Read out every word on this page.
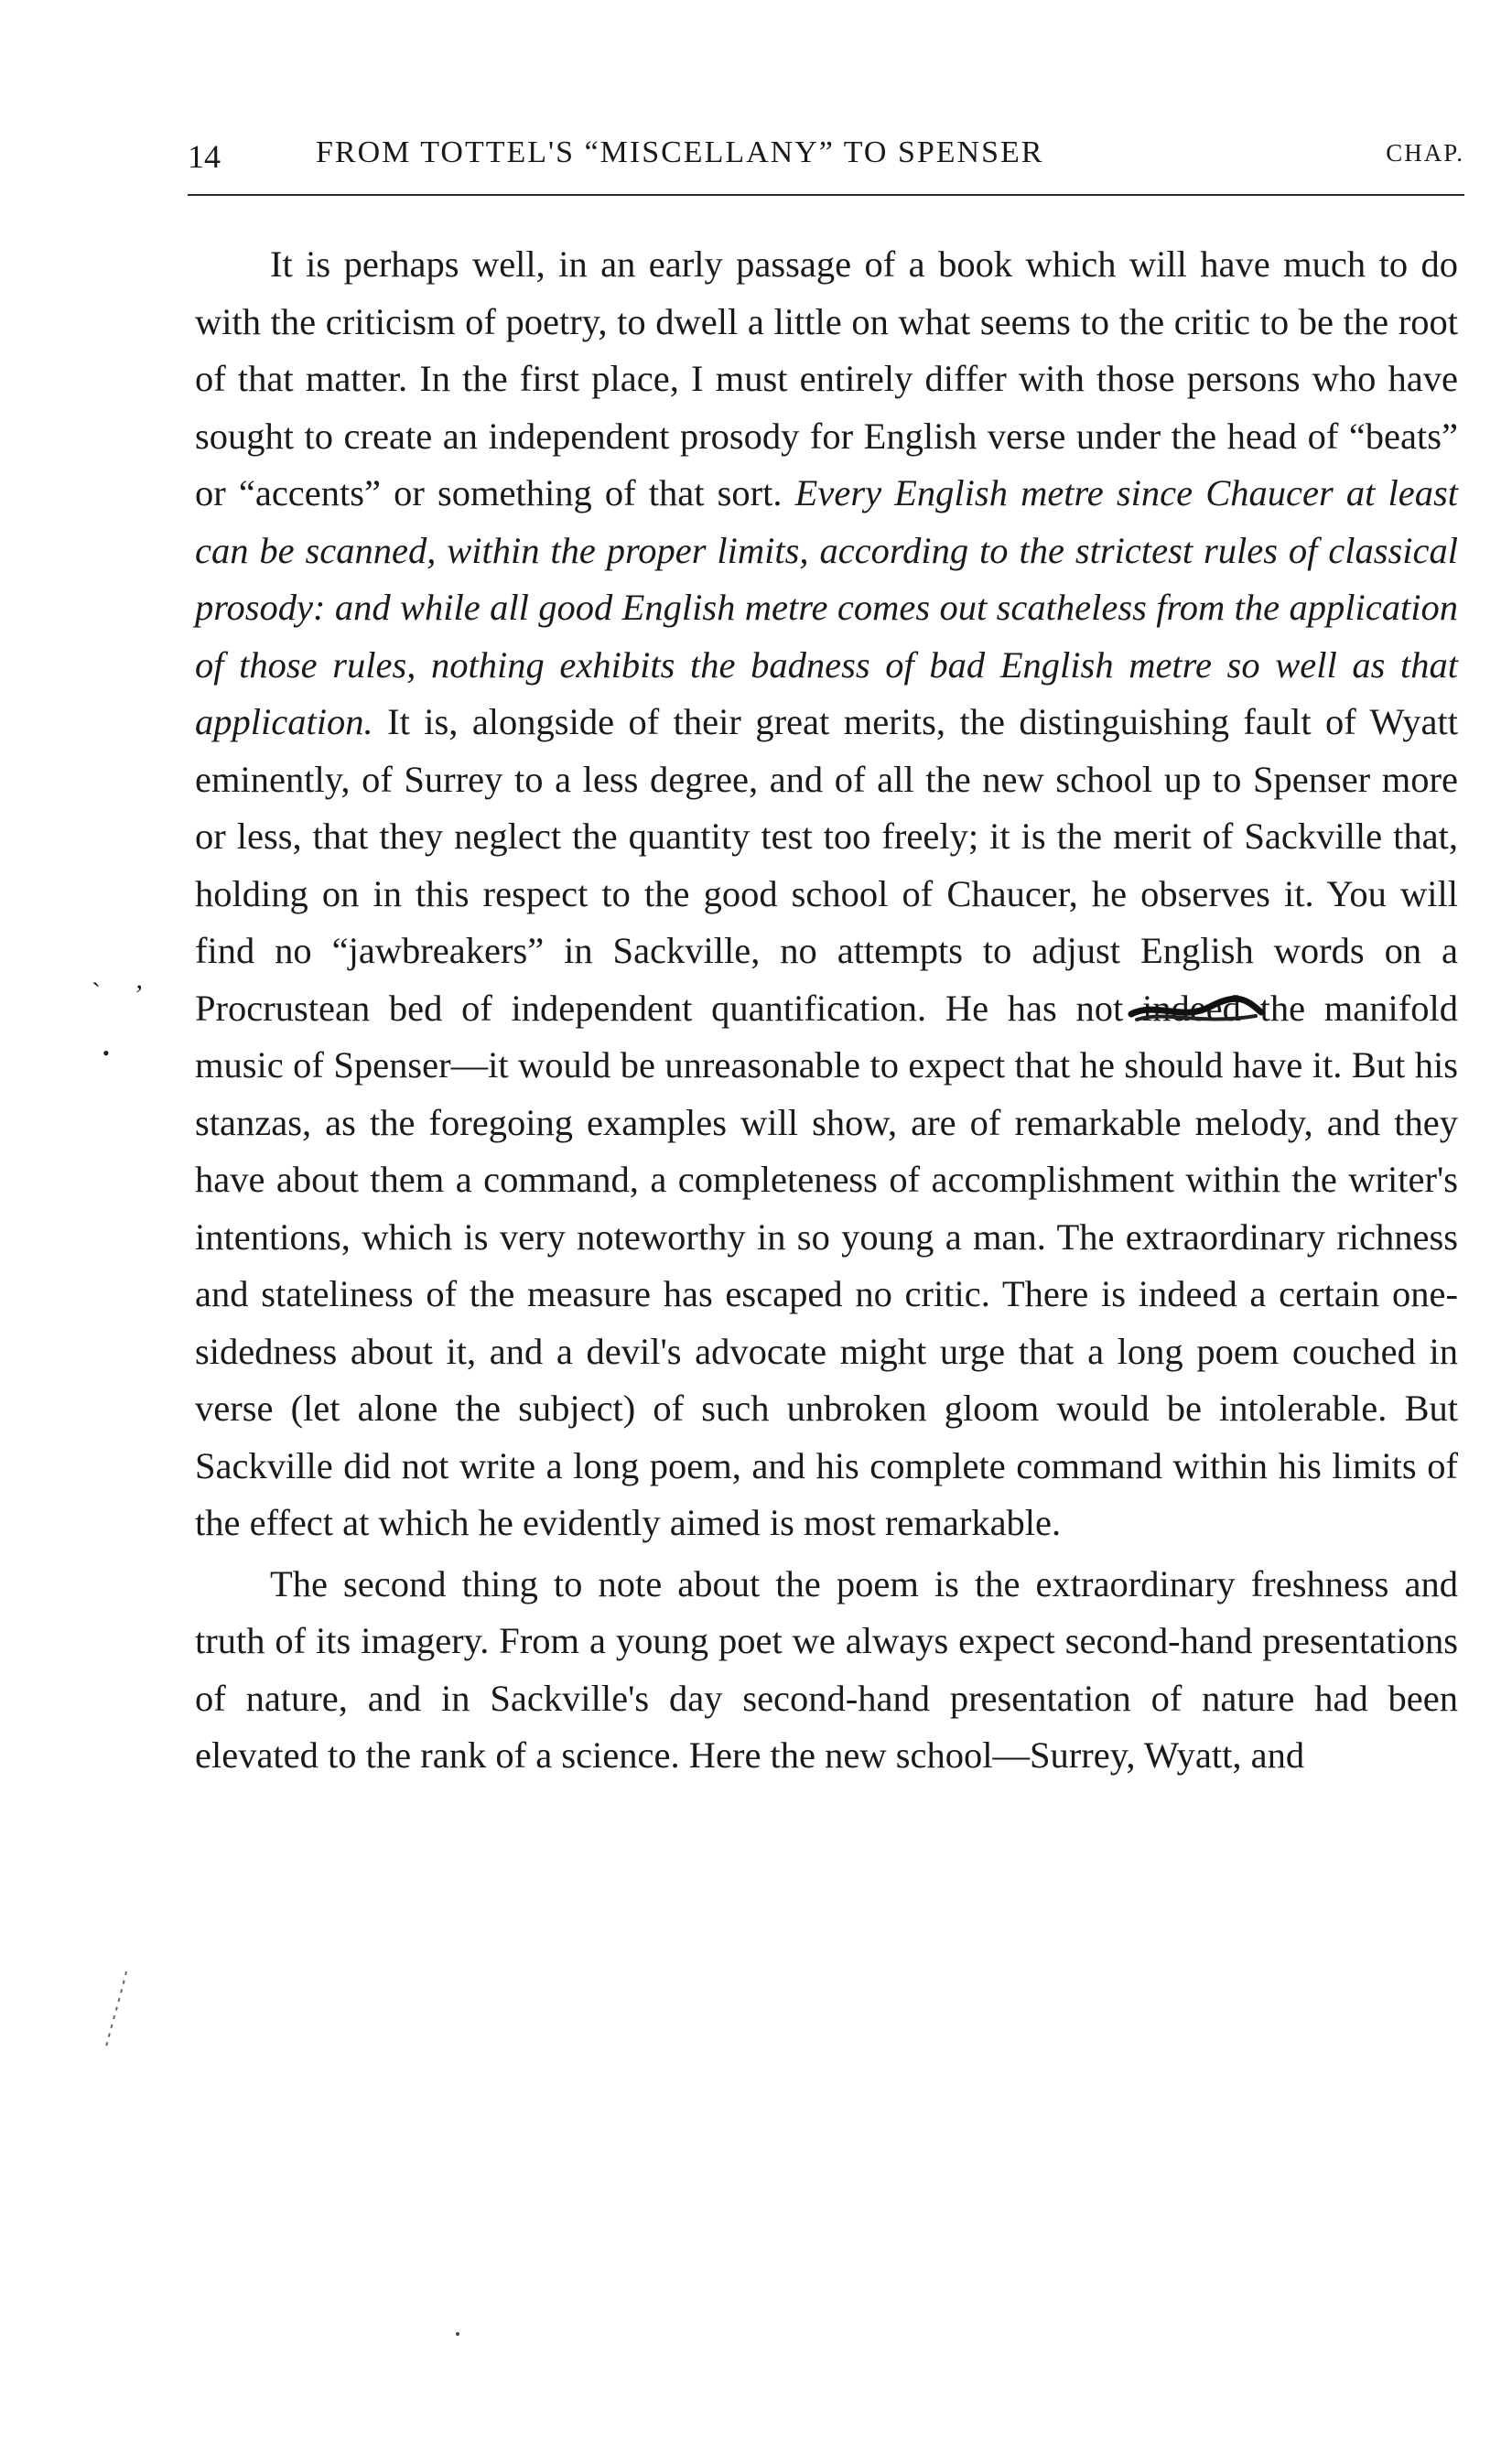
14	FROM TOTTEL'S “MISCELLANY” TO SPENSER	CHAP.

It is perhaps well, in an early passage of a book which will have much to do with the criticism of poetry, to dwell a little on what seems to the critic to be the root of that matter. In the first place, I must entirely differ with those persons who have sought to create an independent prosody for English verse under the head of “beats” or “accents” or something of that sort. Every English metre since Chaucer at least can be scanned, within the proper limits, according to the strictest rules of classical prosody: and while all good English metre comes out scatheless from the application of those rules, nothing exhibits the badness of bad English metre so well as that application. It is, alongside of their great merits, the distinguishing fault of Wyatt eminently, of Surrey to a less degree, and of all the new school up to Spenser more or less, that they neglect the quantity test too freely; it is the merit of Sackville that, holding on in this respect to the good school of Chaucer, he observes it. You will find no “jawbreakers” in Sackville, no attempts to adjust English words on a Procrustean bed of independent quantification. He has not indeed the manifold music of Spenser—it would be unreasonable to expect that he should have it. But his stanzas, as the foregoing examples will show, are of remarkable melody, and they have about them a command, a completeness of accomplishment within the writer's intentions, which is very noteworthy in so young a man. The extraordinary richness and stateliness of the measure has escaped no critic. There is indeed a certain one-sidedness about it, and a devil's advocate might urge that a long poem couched in verse (let alone the subject) of such unbroken gloom would be intolerable. But Sackville did not write a long poem, and his complete command within his limits of the effect at which he evidently aimed is most remarkable.

The second thing to note about the poem is the extraordinary freshness and truth of its imagery. From a young poet we always expect second-hand presentations of nature, and in Sackville's day second-hand presentation of nature had been elevated to the rank of a science. Here the new school—Surrey, Wyatt, and

` ’
•
